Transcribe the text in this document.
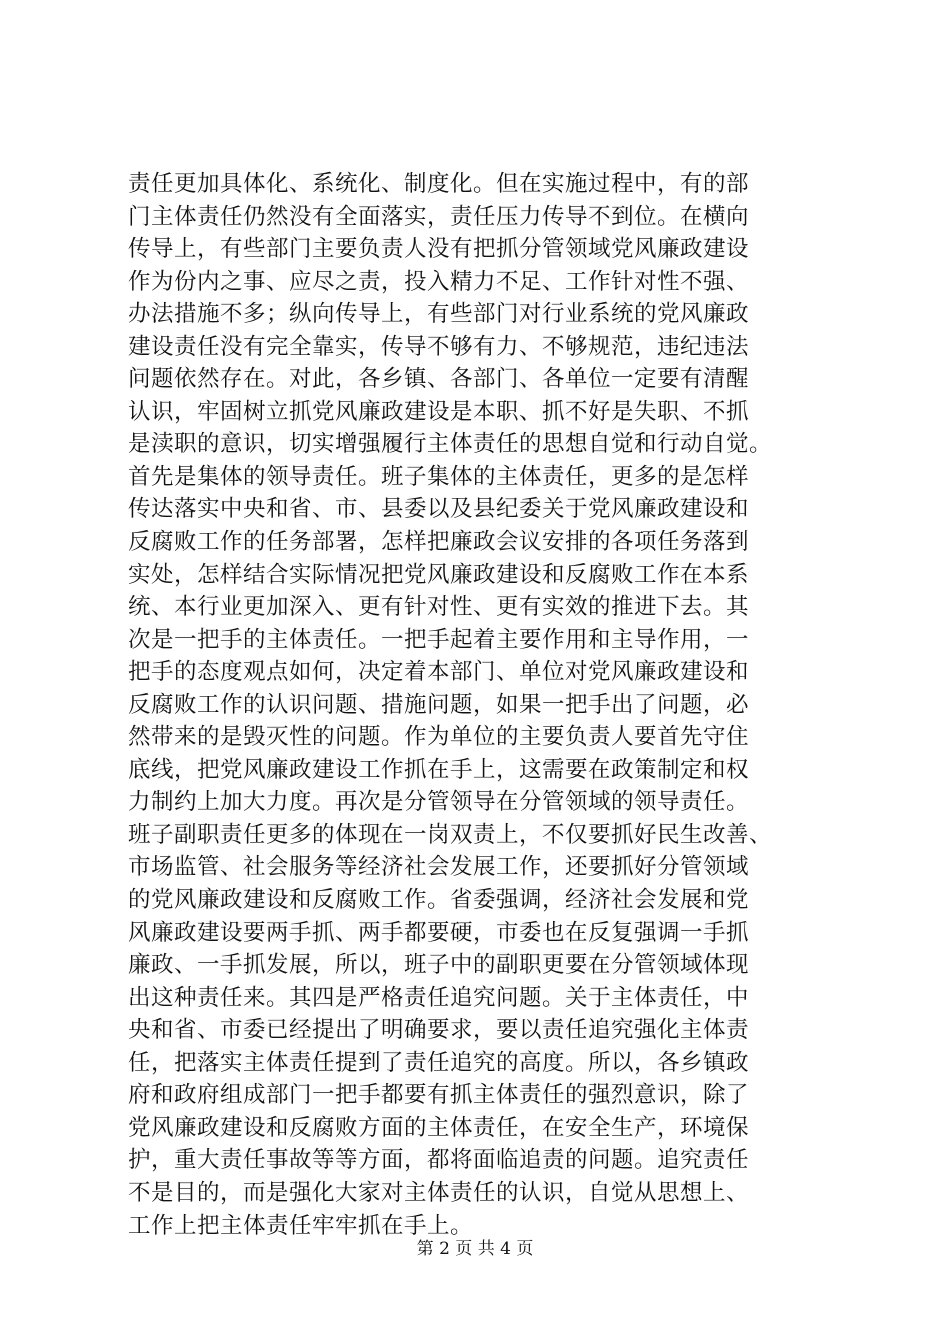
责任更加具体化、系统化、制度化。但在实施过程中，有的部
门主体责任仍然没有全面落实，责任压力传导不到位。在横向
传导上，有些部门主要负责人没有把抓分管领域党风廉政建设
作为份内之事、应尽之责，投入精力不足、工作针对性不强、
办法措施不多；纵向传导上，有些部门对行业系统的党风廉政
建设责任没有完全靠实，传导不够有力、不够规范，违纪违法
问题依然存在。对此，各乡镇、各部门、各单位一定要有清醒
认识，牢固树立抓党风廉政建设是本职、抓不好是失职、不抓
是渎职的意识，切实增强履行主体责任的思想自觉和行动自觉。
首先是集体的领导责任。班子集体的主体责任，更多的是怎样
传达落实中央和省、市、县委以及县纪委关于党风廉政建设和
反腐败工作的任务部署，怎样把廉政会议安排的各项任务落到
实处，怎样结合实际情况把党风廉政建设和反腐败工作在本系
统、本行业更加深入、更有针对性、更有实效的推进下去。其
次是一把手的主体责任。一把手起着主要作用和主导作用，一
把手的态度观点如何，决定着本部门、单位对党风廉政建设和
反腐败工作的认识问题、措施问题，如果一把手出了问题，必
然带来的是毁灭性的问题。作为单位的主要负责人要首先守住
底线，把党风廉政建设工作抓在手上，这需要在政策制定和权
力制约上加大力度。再次是分管领导在分管领域的领导责任。
班子副职责任更多的体现在一岗双责上，不仅要抓好民生改善、
市场监管、社会服务等经济社会发展工作，还要抓好分管领域
的党风廉政建设和反腐败工作。省委强调，经济社会发展和党
风廉政建设要两手抓、两手都要硬，市委也在反复强调一手抓
廉政、一手抓发展，所以，班子中的副职更要在分管领域体现
出这种责任来。其四是严格责任追究问题。关于主体责任，中
央和省、市委已经提出了明确要求，要以责任追究强化主体责
任，把落实主体责任提到了责任追究的高度。所以，各乡镇政
府和政府组成部门一把手都要有抓主体责任的强烈意识，除了
党风廉政建设和反腐败方面的主体责任，在安全生产，环境保
护，重大责任事故等等方面，都将面临追责的问题。追究责任
不是目的，而是强化大家对主体责任的认识，自觉从思想上、
工作上把主体责任牢牢抓在手上。
第 2 页 共 4 页
